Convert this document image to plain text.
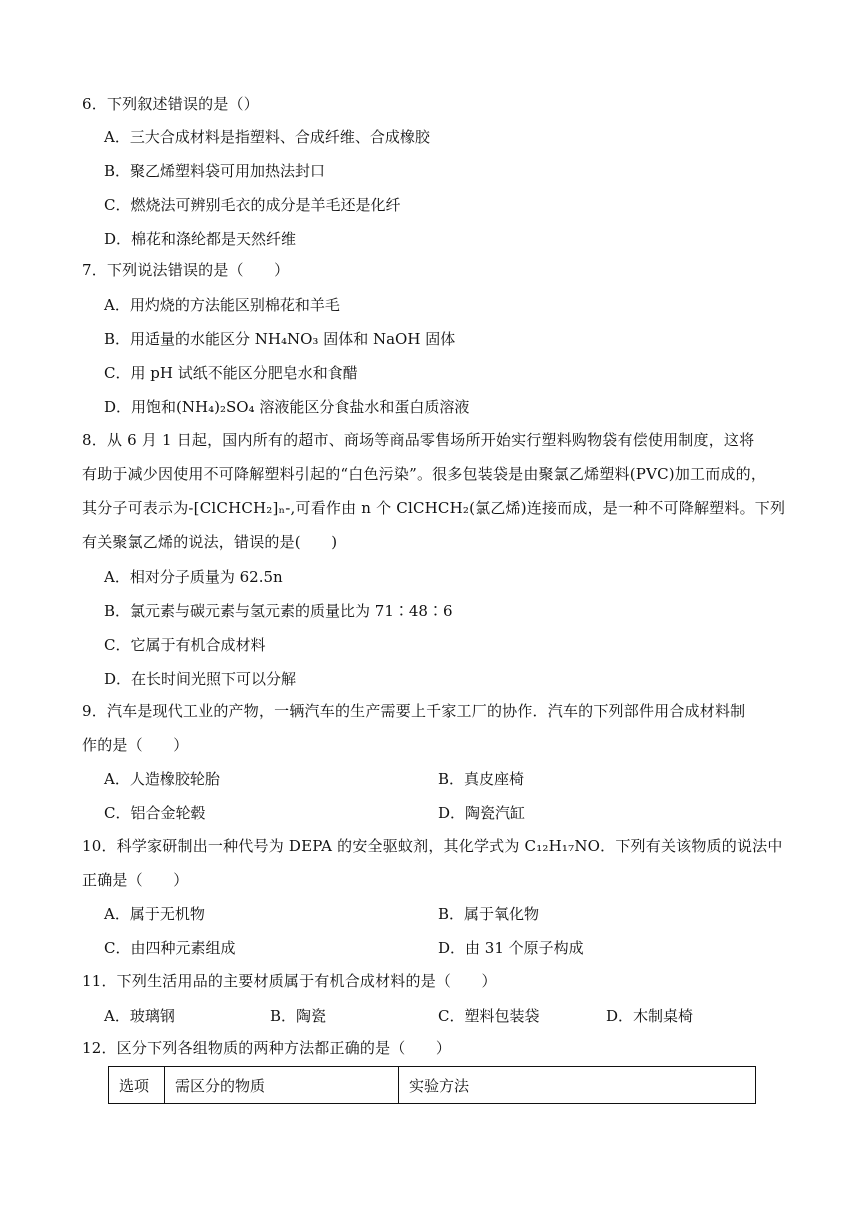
6．下列叙述错误的是（）
A．三大合成材料是指塑料、合成纤维、合成橡胶
B．聚乙烯塑料袋可用加热法封口
C．燃烧法可辨别毛衣的成分是羊毛还是化纤
D．棉花和涤纶都是天然纤维
7．下列说法错误的是（　　）
A．用灼烧的方法能区别棉花和羊毛
B．用适量的水能区分 NH₄NO₃ 固体和 NaOH 固体
C．用 pH 试纸不能区分肥皂水和食醋
D．用饱和(NH₄)₂SO₄ 溶液能区分食盐水和蛋白质溶液
8．从 6 月 1 日起，国内所有的超市、商场等商品零售场所开始实行塑料购物袋有偿使用制度，这将
有助于减少因使用不可降解塑料引起的“白色污染”。很多包装袋是由聚氯乙烯塑料(PVC)加工而成的，
其分子可表示为-[ClCHCH₂]ₙ-,可看作由 n 个 ClCHCH₂(氯乙烯)连接而成，是一种不可降解塑料。下列
有关聚氯乙烯的说法，错误的是(　　)
A．相对分子质量为 62.5n
B．氯元素与碳元素与氢元素的质量比为 71∶48∶6
C．它属于有机合成材料
D．在长时间光照下可以分解
9．汽车是现代工业的产物，一辆汽车的生产需要上千家工厂的协作．汽车的下列部件用合成材料制
作的是（　　）
A．人造橡胶轮胎	B．真皮座椅
C．铝合金轮毂	D．陶瓷汽缸
10．科学家研制出一种代号为 DEPA 的安全驱蚊剂，其化学式为 C₁₂H₁₇NO．下列有关该物质的说法中
正确是（　　）
A．属于无机物	B．属于氧化物
C．由四种元素组成	D．由 31 个原子构成
11．下列生活用品的主要材质属于有机合成材料的是（　　）
A．玻璃钢	B．陶瓷	C．塑料包装袋	D．木制桌椅
12．区分下列各组物质的两种方法都正确的是（　　）
选项	需区分的物质	实验方法
